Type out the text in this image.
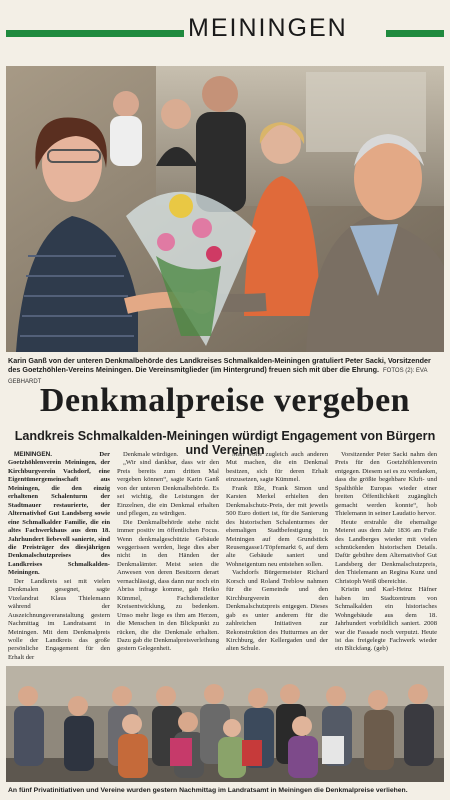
MEININGEN
Karin Ganß von der unteren Denkmalbehörde des Landkreises Schmalkalden-Meiningen gratuliert Peter Sacki, Vorsitzender des Goetzhöhlen-Vereins Meiningen. Die Vereinsmitglieder (im Hintergrund) freuen sich mit über die Ehrung. FOTOS (2): EVA GEBHARDT
Denkmalpreise vergeben
Landkreis Schmalkalden-Meiningen würdigt Engagement von Bürgern und Vereinen

MEININGEN.	Der Goetzhöhlenverein Meiningen, der Kirchburgverein Vachdorf, eine Eigentümergemeinschaft aus Meiningen, die den einzig erhaltenen Schalenturm der Stadtmauer restaurierte, der Alternativhof Gut Landsberg sowie eine Schmalkalder Familie, die ein altes Fachwerkhaus aus dem 18. Jahrhundert liebevoll sanierte, sind die Preisträger des diesjährigen Denkmalschutzpreises des Landkreises Schmalkalden-Meiningen.

Der Landkreis sei mit vielen Denkmalen gesegnet, sagte Vizelandrat Klaus Thielemann während der Auszeichnungsveranstaltung gestern Nachmittag im Landratsamt in Meiningen. Mit dem Denkmalpreis wolle der Landkreis das große persönliche Engagement für den Erhalt der

Denkmale würdigen.

„Wir sind dankbar, dass wir den Preis bereits zum dritten Mal vergeben können“, sagte Karin Ganß von der unteren Denkmalbehörde. Es sei wichtig, die Leistungen der Einzelnen, die ein Denkmal erhalten und pflegen, zu würdigen.

Die Denkmalbehörde stehe nicht immer positiv im öffentlichen Focus. Wenn denkmalgeschützte Gebäude weggerissen werden, liege dies aber nicht in den Händen der Denkmalämter. Meist seien die Anwesen von deren Besitzern derart vernachlässigt, dass dann nur noch ein Abriss infrage komme, gab Heiko Kümmel, Fachdienstleiter Kreisentwicklung, zu bedenken. Umso mehr liege es ihm am Herzen, die Menschen in den Blickpunkt zu rücken, die die Denkmale erhalten. Dazu gab die Denkmalpreisverleihung gestern Gelegenheit.

Man wolle zugleich auch anderen Mut machen, die ein Denkmal besitzen, sich für deren Erhalt einzusetzen, sagte Kümmel.

Frank Eße, Frank Simon und Karsten Merkel erhielten den Denkmalschutz-Preis, der mit jeweils 500 Euro dotiert ist, für die Sanierung des historischen Schalenturmes der ehemaligen Stadtbefestigung in Meiningen auf dem Grundstück Reusengasse1/Töpfemarkt 6, auf dem alte Gebäude saniert und Wohneigentum neu entstehen sollen.

Vachdorfs Bürgermeister Richard Korsch und Roland Treblow nahmen für die Gemeinde und den Kirchburgverein den Denkmalschutzpreis entgegen. Dieses gab es unter anderem für die zahlreichen Initiativen zur Rekonstruktion des Hutturmes an der Kirchburg, der Kellergaden und der alten Schule.

Vorsitzender Peter Sacki nahm den Preis für den Goetzhöhlenverein entgegen. Diesem sei es zu verdanken, dass die größte begehbare Kluft- und Spalthöhle Europas wieder einer breiten Öffentlichkeit zugänglich gemacht werden konnte“, hob Thielemann in seiner Laudatio hervor.

Heute erstrahle die ehemalige Meierei aus dem Jahr 1836 am Fuße des Landberges wieder mit vielen schmückenden historischen Details. Dafür gebühre dem Alternativhof Gut Landsberg der Denkmalschutzpreis, den Thielemann an Regina Kunz und Christoph Weiß übereichte.

Kristin und Karl-Heinz Häfner haben im Stadtzentrum von Schmalkalden ein historisches Wohngebäude aus dem 18. Jahrhundert vorbildlich saniert. 2008 war die Fassade noch verputzt. Heute ist das freigelegte Fachwerk wieder ein Blickfang. (geb)

An fünf Privatinitiativen und Vereine wurden gestern Nachmittag im Landratsamt in Meiningen die Denkmalpreise verliehen.
